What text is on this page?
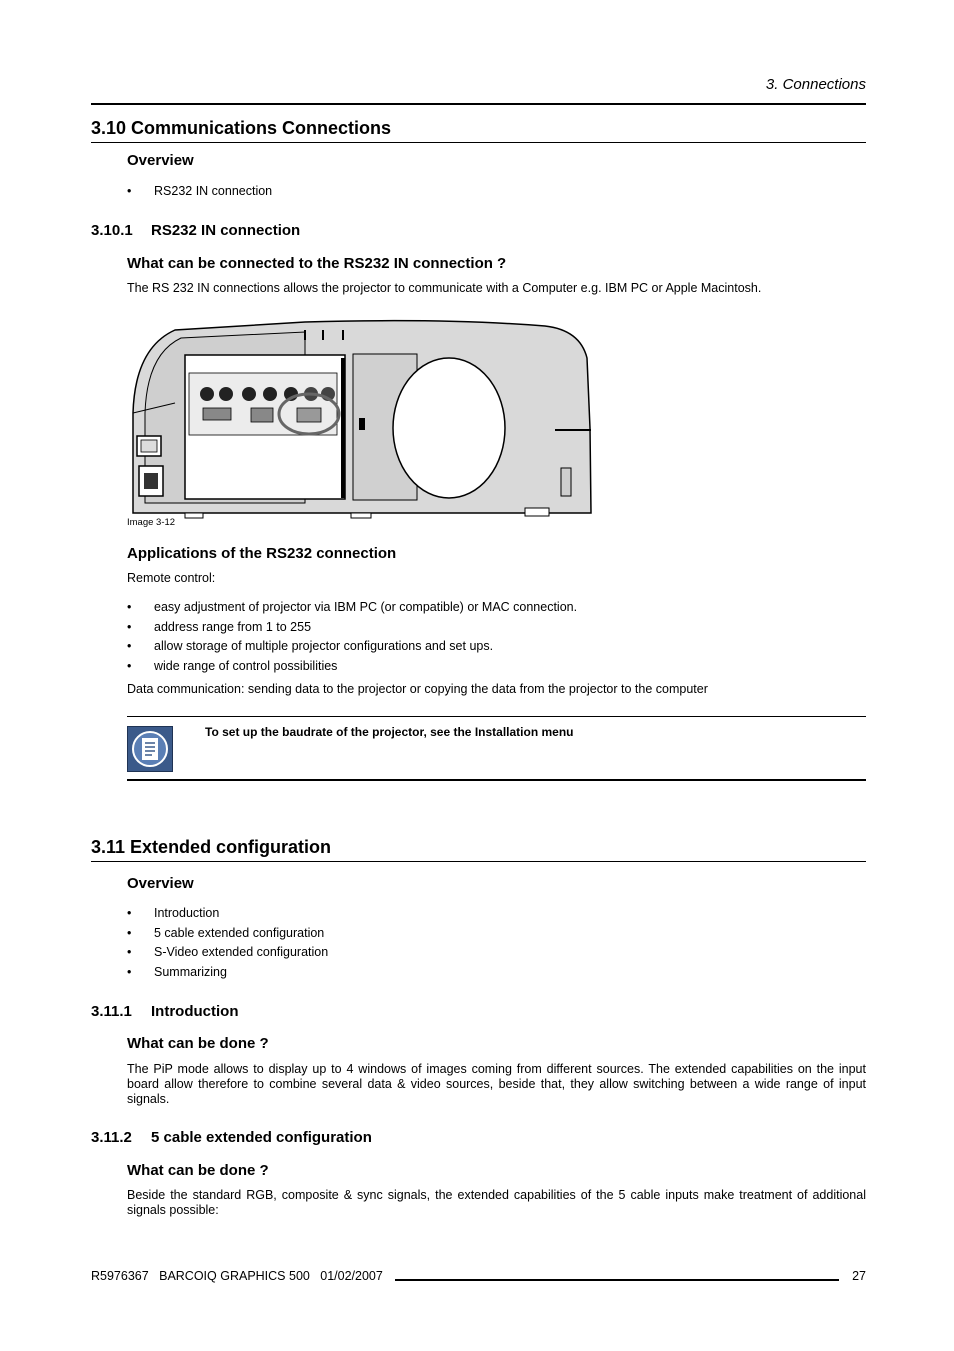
3. Connections
3.10 Communications Connections
Overview
• RS232 IN connection
3.10.1 RS232 IN connection
What can be connected to the RS232 IN connection ?
The RS 232 IN connections allows the projector to communicate with a Computer e.g. IBM PC or Apple Macintosh.
Image 3-12
Applications of the RS232 connection
Remote control:
• easy adjustment of projector via IBM PC (or compatible) or MAC connection.
• address range from 1 to 255
• allow storage of multiple projector configurations and set ups.
• wide range of control possibilities
Data communication: sending data to the projector or copying the data from the projector to the computer
To set up the baudrate of the projector, see the Installation menu
3.11 Extended configuration
Overview
• Introduction
• 5 cable extended configuration
• S-Video extended configuration
• Summarizing
3.11.1 Introduction
What can be done ?
The PiP mode allows to display up to 4 windows of images coming from different sources. The extended capabilities on the input board allow therefore to combine several data & video sources, beside that, they allow switching between a wide range of input signals.
3.11.2 5 cable extended configuration
What can be done ?
Beside the standard RGB, composite & sync signals, the extended capabilities of the 5 cable inputs make treatment of additional signals possible:
R5976367   BARCOIQ GRAPHICS 500   01/02/2007	27
